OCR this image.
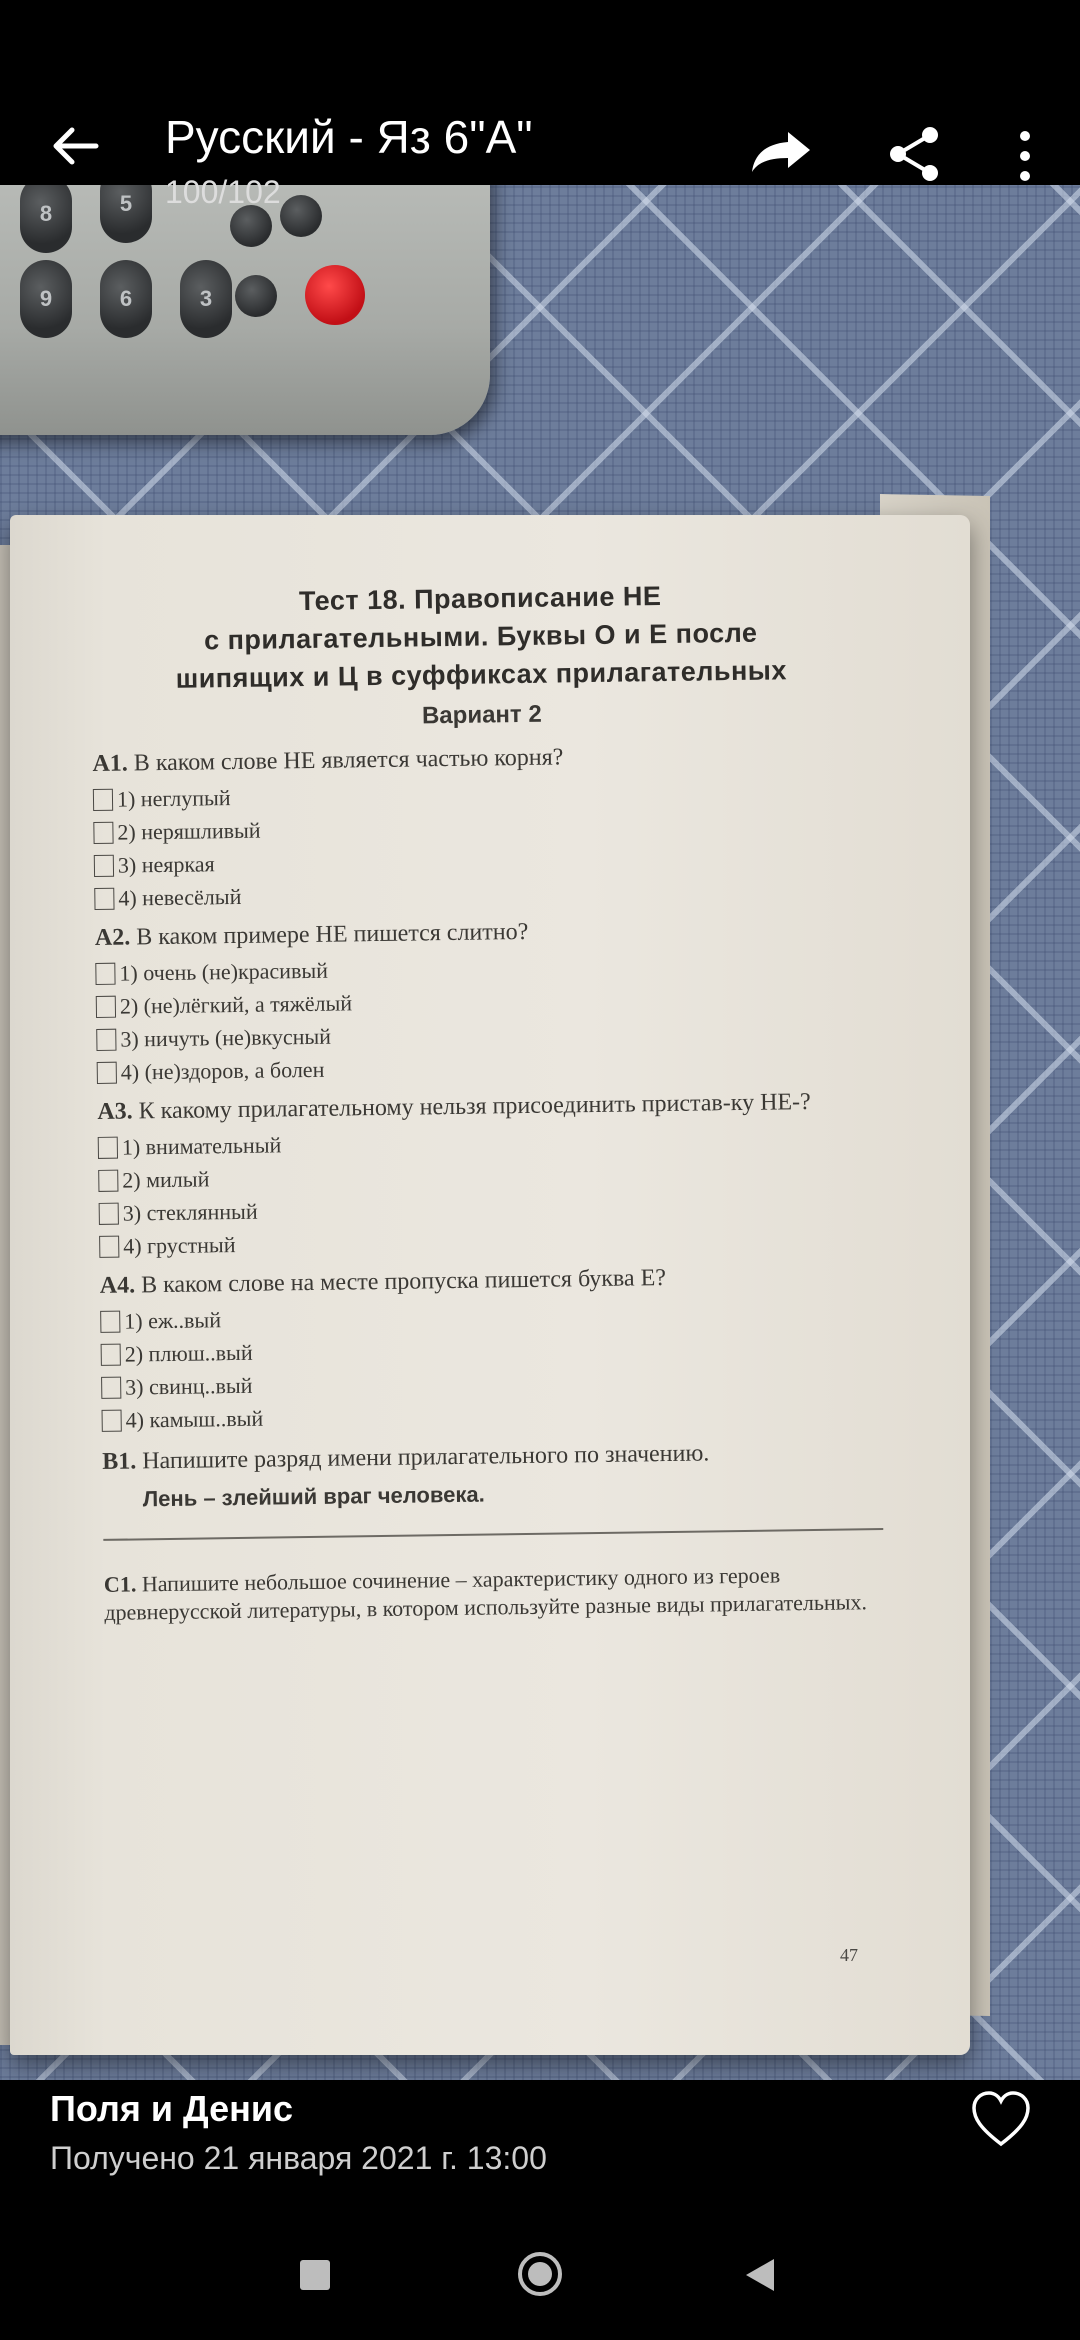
8	5
9	6	3
Тест 18. Правописание НЕ
с прилагательными. Буквы О и Е после
шипящих и Ц в суффиксах прилагательных
Вариант 2
A1. В каком слове НЕ является частью корня?
1) неглупый
2) неряшливый
3) неяркая
4) невесёлый
A2. В каком примере НЕ пишется слитно?
1) очень (не)красивый
2) (не)лёгкий, а тяжёлый
3) ничуть (не)вкусный
4) (не)здоров, а болен
A3. К какому прилагательному нельзя присоединить пристав-ку НЕ-?
1) внимательный
2) милый
3) стеклянный
4) грустный
A4. В каком слове на месте пропуска пишется буква Е?
1) еж..вый
2) плюш..вый
3) свинц..вый
4) камыш..вый
B1. Напишите разряд имени прилагательного по значению.
Лень – злейший враг человека.
C1. Напишите небольшое сочинение – характеристику одного из героев древнерусской литературы, в котором используйте разные виды прилагательных.
47
Русский - Яз 6"А"
100/102
Поля и Денис
Получено 21 января 2021 г. 13:00
